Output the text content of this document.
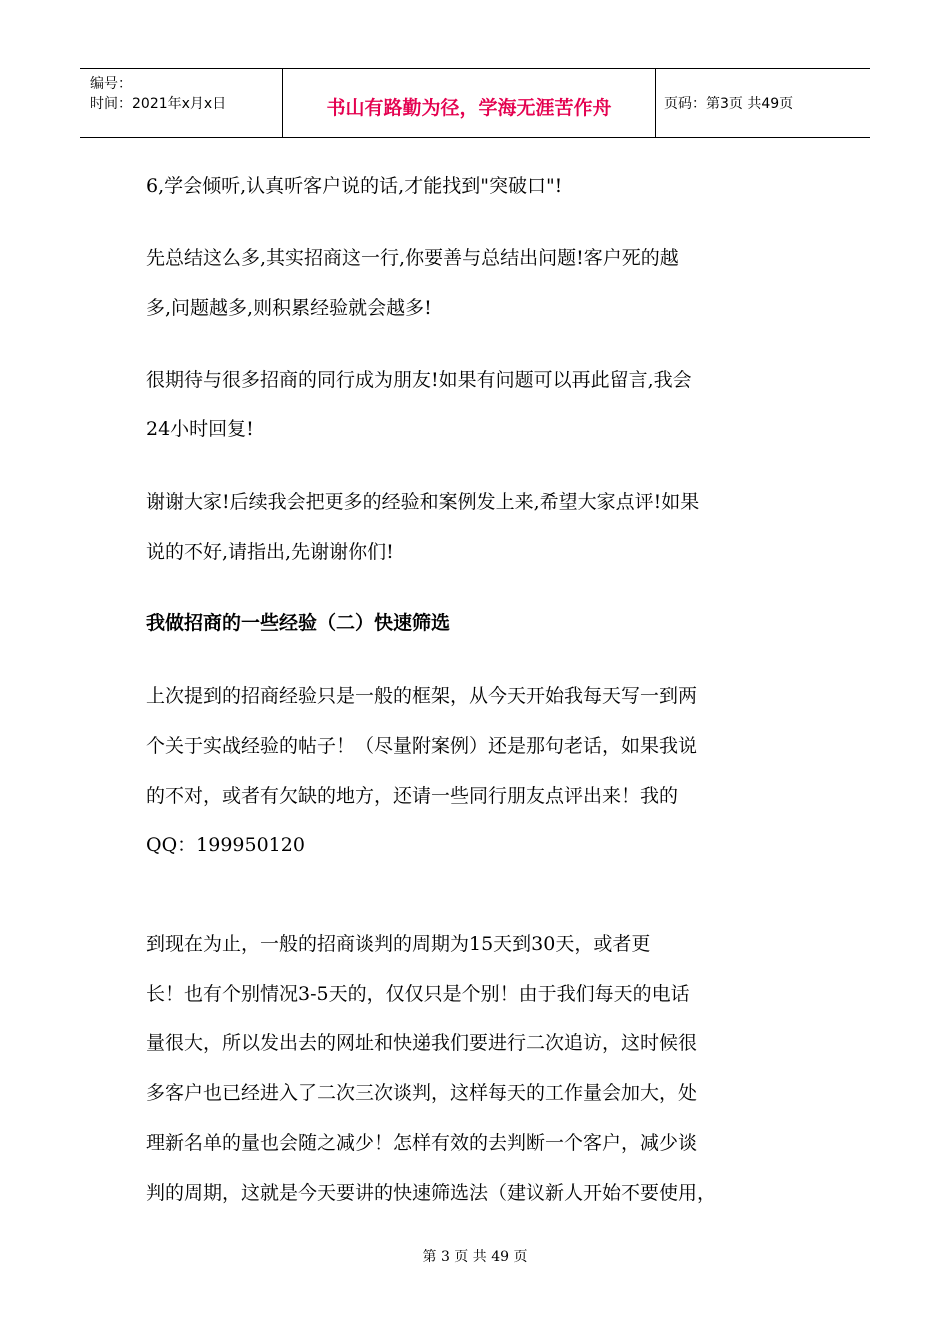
编号：
时间：2021年x月x日	书山有路勤为径，学海无涯苦作舟	页码：第3页 共49页
6,学会倾听,认真听客户说的话,才能找到"突破口"!
先总结这么多,其实招商这一行,你要善与总结出问题!客户死的越
多,问题越多,则积累经验就会越多!
很期待与很多招商的同行成为朋友!如果有问题可以再此留言,我会
24小时回复!
谢谢大家!后续我会把更多的经验和案例发上来,希望大家点评!如果
说的不好,请指出,先谢谢你们!
我做招商的一些经验（二）快速筛选
上次提到的招商经验只是一般的框架，从今天开始我每天写一到两
个关于实战经验的帖子！（尽量附案例）还是那句老话，如果我说
的不对，或者有欠缺的地方，还请一些同行朋友点评出来！我的
QQ：199950120
到现在为止，一般的招商谈判的周期为15天到30天，或者更
长！也有个别情况3-5天的，仅仅只是个别！由于我们每天的电话
量很大，所以发出去的网址和快递我们要进行二次追访，这时候很
多客户也已经进入了二次三次谈判，这样每天的工作量会加大，处
理新名单的量也会随之减少！怎样有效的去判断一个客户，减少谈
判的周期，这就是今天要讲的快速筛选法（建议新人开始不要使用，
第 3 页 共 49 页
